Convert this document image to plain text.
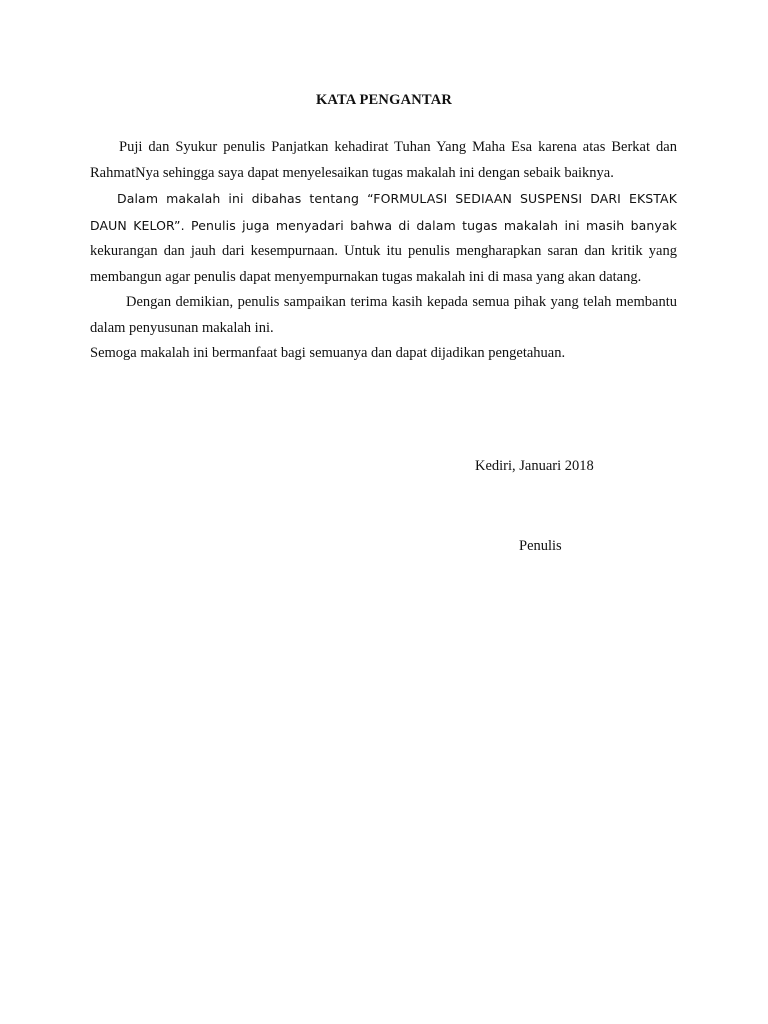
KATA PENGANTAR

Puji dan Syukur penulis Panjatkan kehadirat Tuhan Yang Maha Esa karena atas Berkat dan RahmatNya sehingga saya dapat menyelesaikan tugas makalah ini dengan sebaik baiknya.

Dalam makalah ini dibahas tentang “FORMULASI SEDIAAN SUSPENSI DARI EKSTAK DAUN KELOR”. Penulis juga menyadari bahwa di dalam tugas makalah ini masih banyak kekurangan dan jauh dari kesempurnaan. Untuk itu penulis mengharapkan saran dan kritik yang membangun agar penulis dapat menyempurnakan tugas makalah ini di masa yang akan datang.

Dengan demikian, penulis sampaikan terima kasih kepada semua pihak yang telah membantu dalam penyusunan makalah ini.

Semoga makalah ini bermanfaat bagi semuanya dan dapat dijadikan pengetahuan.

Kediri, Januari 2018
Penulis
